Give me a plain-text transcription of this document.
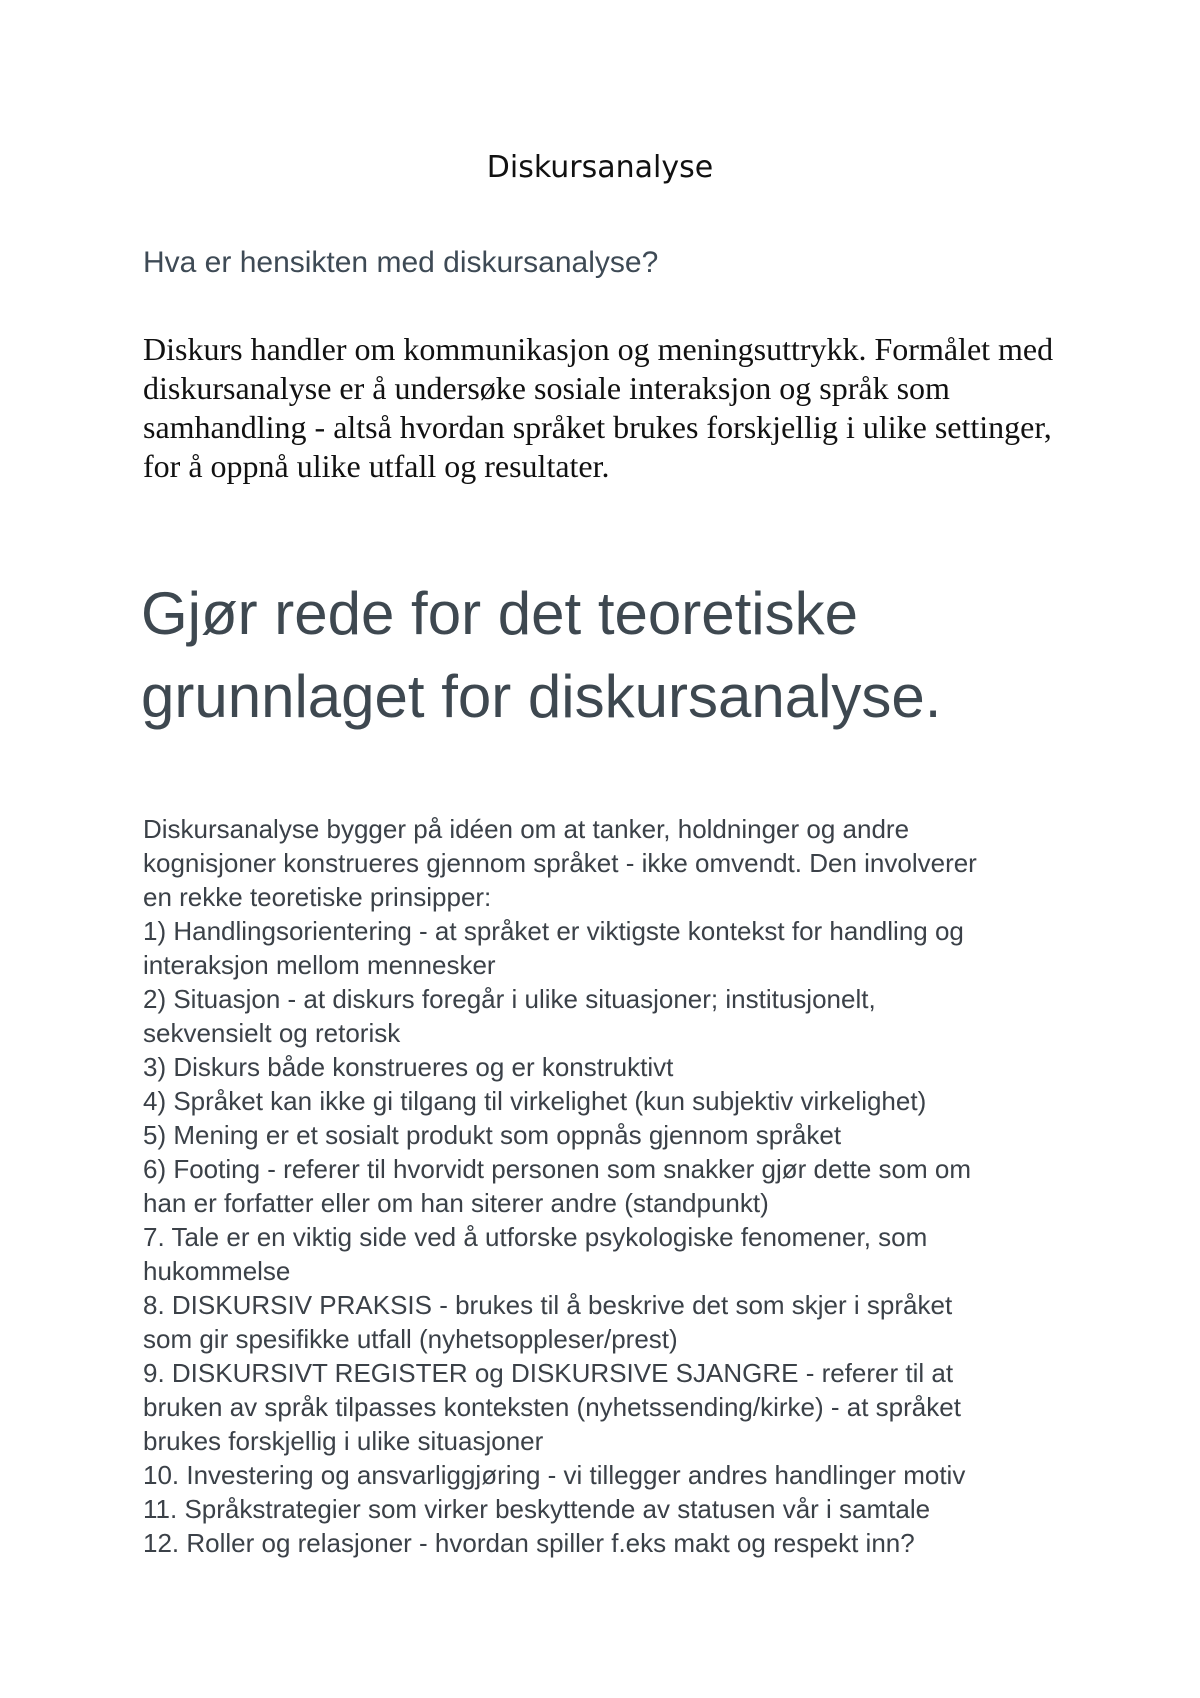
Diskursanalyse
Hva er hensikten med diskursanalyse?

Diskurs handler om kommunikasjon og meningsuttrykk. Formålet med diskursanalyse er å undersøke sosiale interaksjon og språk som samhandling - altså hvordan språket brukes forskjellig i ulike settinger, for å oppnå ulike utfall og resultater.

Gjør rede for det teoretiske grunnlaget for diskursanalyse.
Diskursanalyse bygger på idéen om at tanker, holdninger og andre
kognisjoner konstrueres gjennom språket - ikke omvendt. Den involverer
en rekke teoretiske prinsipper:
1) Handlingsorientering - at språket er viktigste kontekst for handling og
interaksjon mellom mennesker
2) Situasjon - at diskurs foregår i ulike situasjoner; institusjonelt,
sekvensielt og retorisk
3) Diskurs både konstrueres og er konstruktivt
4) Språket kan ikke gi tilgang til virkelighet (kun subjektiv virkelighet)
5) Mening er et sosialt produkt som oppnås gjennom språket
6) Footing - referer til hvorvidt personen som snakker gjør dette som om
han er forfatter eller om han siterer andre (standpunkt)
7. Tale er en viktig side ved å utforske psykologiske fenomener, som
hukommelse
8. DISKURSIV PRAKSIS - brukes til å beskrive det som skjer i språket
som gir spesifikke utfall (nyhetsoppleser/prest)
9. DISKURSIVT REGISTER og DISKURSIVE SJANGRE - referer til at
bruken av språk tilpasses konteksten (nyhetssending/kirke) - at språket
brukes forskjellig i ulike situasjoner
10. Investering og ansvarliggjøring - vi tillegger andres handlinger motiv
11. Språkstrategier som virker beskyttende av statusen vår i samtale
12. Roller og relasjoner - hvordan spiller f.eks makt og respekt inn?
